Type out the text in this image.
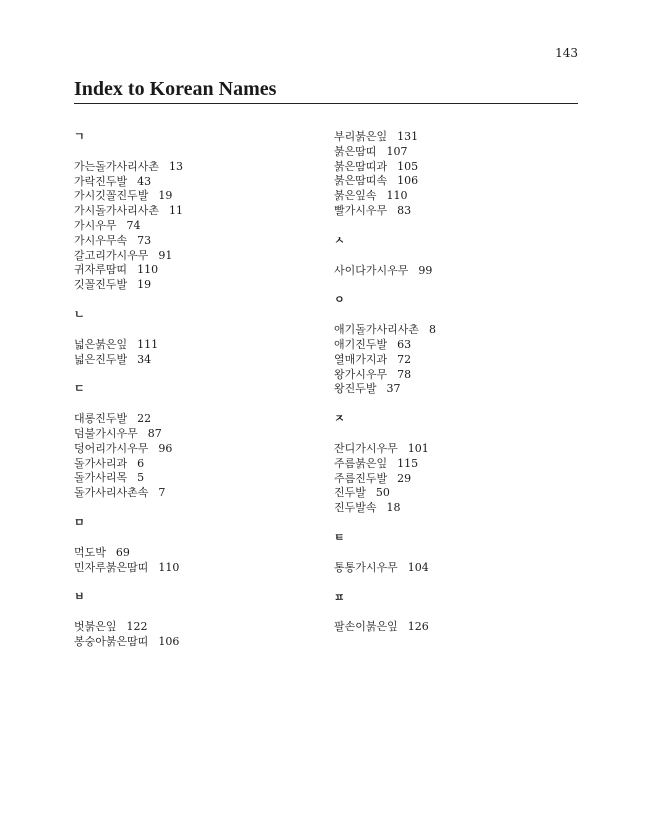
143
Index to Korean Names
ㄱ
가는돌가사리사촌 13
가락진두발 43
가시깃꼴진두발 19
가시돌가사리사촌 11
가시우무 74
가시우무속 73
갈고리가시우무 91
귀자루땀띠 110
깃꼴진두발 19
ㄴ
넓은붉은잎 111
넓은진두발 34
ㄷ
대롱진두발 22
덤불가시우무 87
덩어리가시우무 96
돌가사리과 6
돌가사리목 5
돌가사리사촌속 7
ㅁ
먹도박 69
민자루붉은땀띠 110
ㅂ
벗붉은잎 122
봉숭아붉은땀띠 106
부리붉은잎 131
붉은땀띠 107
붉은땀띠과 105
붉은땀띠속 106
붉은잎속 110
빨가시우무 83
ㅅ
사이다가시우무 99
ㅇ
애기돌가사리사촌 8
애기진두발 63
열매가지과 72
왕가시우무 78
왕진두발 37
ㅈ
잔디가시우무 101
주름붉은잎 115
주름진두발 29
진두발 50
진두발속 18
ㅌ
통통가시우무 104
ㅍ
팔손이붉은잎 126
